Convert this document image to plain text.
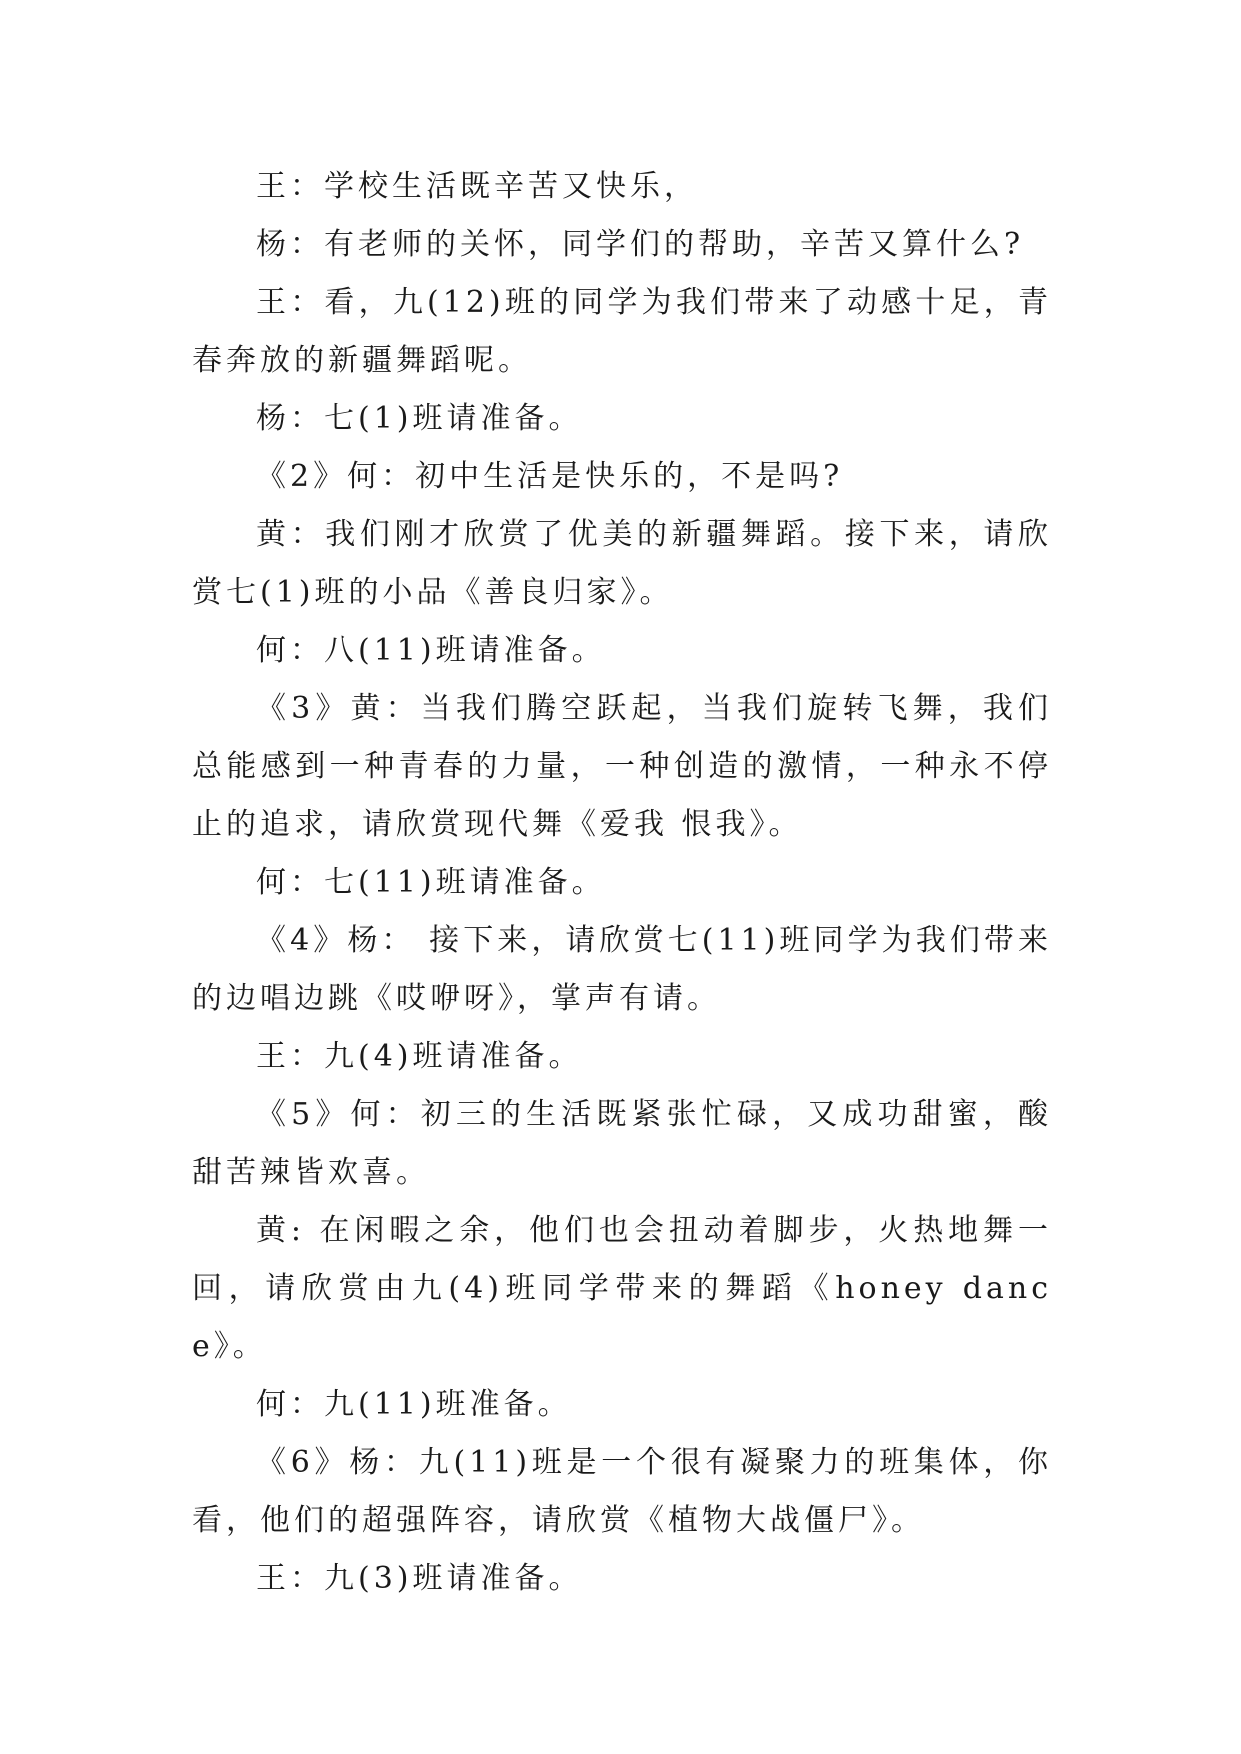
王：学校生活既辛苦又快乐，

杨：有老师的关怀，同学们的帮助，辛苦又算什么?

王：看，九(12)班的同学为我们带来了动感十足，青春奔放的新疆舞蹈呢。

杨：七(1)班请准备。

《2》何：初中生活是快乐的，不是吗?

黄：我们刚才欣赏了优美的新疆舞蹈。接下来，请欣赏七(1)班的小品《善良归家》。

何：八(11)班请准备。

《3》黄：当我们腾空跃起，当我们旋转飞舞，我们总能感到一种青春的力量，一种创造的激情，一种永不停止的追求，请欣赏现代舞《爱我 恨我》。

何：七(11)班请准备。

《4》杨： 接下来，请欣赏七(11)班同学为我们带来的边唱边跳《哎咿呀》，掌声有请。

王：九(4)班请准备。

《5》何：初三的生活既紧张忙碌，又成功甜蜜，酸甜苦辣皆欢喜。

黄: 在闲暇之余，他们也会扭动着脚步，火热地舞一回，请欣赏由九(4)班同学带来的舞蹈《honey dance》。

何：九(11)班准备。

《6》杨：九(11)班是一个很有凝聚力的班集体，你看，他们的超强阵容，请欣赏《植物大战僵尸》。

王：九(3)班请准备。
